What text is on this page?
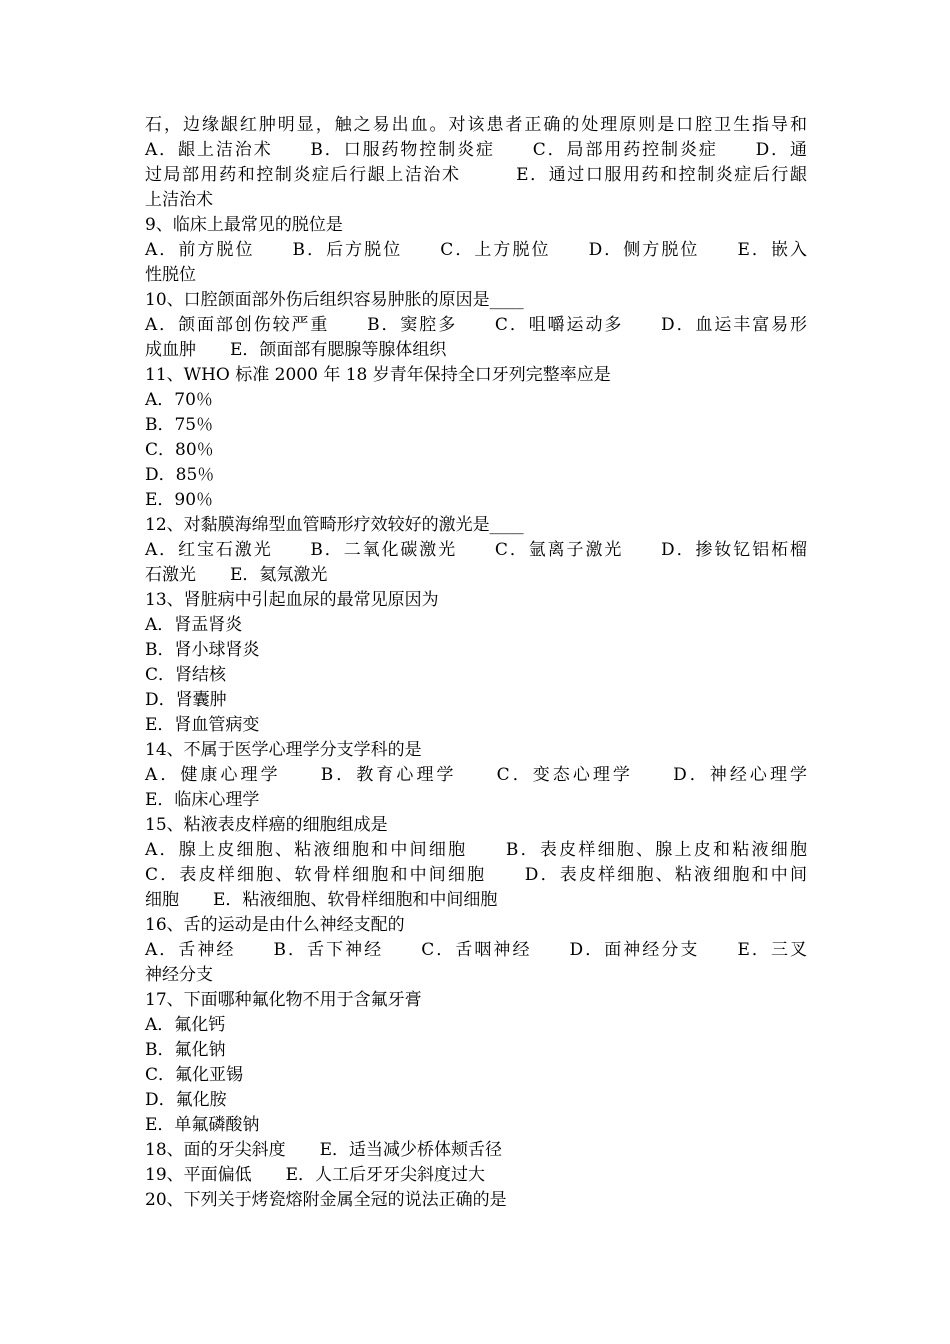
石，边缘龈红肿明显，触之易出血。对该患者正确的处理原则是口腔卫生指导和
A．龈上洁治术　　B．口服药物控制炎症　　C．局部用药控制炎症　　D．通
过局部用药和控制炎症后行龈上洁治术　　　E．通过口服用药和控制炎症后行龈
上洁治术
9、临床上最常见的脱位是
A．前方脱位　　B．后方脱位　　C．上方脱位　　D．侧方脱位　　E．嵌入
性脱位
10、口腔颌面部外伤后组织容易肿胀的原因是____
A．颌面部创伤较严重　　B．窦腔多　　C．咀嚼运动多　　D．血运丰富易形
成血肿　　E．颌面部有腮腺等腺体组织
11、WHO 标准 2000 年 18 岁青年保持全口牙列完整率应是
A．70％
B．75％
C．80％
D．85％
E．90％
12、对黏膜海绵型血管畸形疗效较好的激光是____
A．红宝石激光　　B．二氧化碳激光　　C．氩离子激光　　D．掺钕钇铝柘榴
石激光　　E．氦氖激光
13、肾脏病中引起血尿的最常见原因为
A．肾盂肾炎
B．肾小球肾炎
C．肾结核
D．肾囊肿
E．肾血管病变
14、不属于医学心理学分支学科的是
A．健康心理学　　B．教育心理学　　C．变态心理学　　D．神经心理学
E．临床心理学
15、粘液表皮样癌的细胞组成是
A．腺上皮细胞、粘液细胞和中间细胞　　B．表皮样细胞、腺上皮和粘液细胞
C．表皮样细胞、软骨样细胞和中间细胞　　D．表皮样细胞、粘液细胞和中间
细胞　　E．粘液细胞、软骨样细胞和中间细胞
16、舌的运动是由什么神经支配的
A．舌神经　　B．舌下神经　　C．舌咽神经　　D．面神经分支　　E．三叉
神经分支
17、下面哪种氟化物不用于含氟牙膏
A．氟化钙
B．氟化钠
C．氟化亚锡
D．氟化胺
E．单氟磷酸钠
18、面的牙尖斜度　　E．适当减少桥体颊舌径
19、平面偏低　　E．人工后牙牙尖斜度过大
20、下列关于烤瓷熔附金属全冠的说法正确的是
